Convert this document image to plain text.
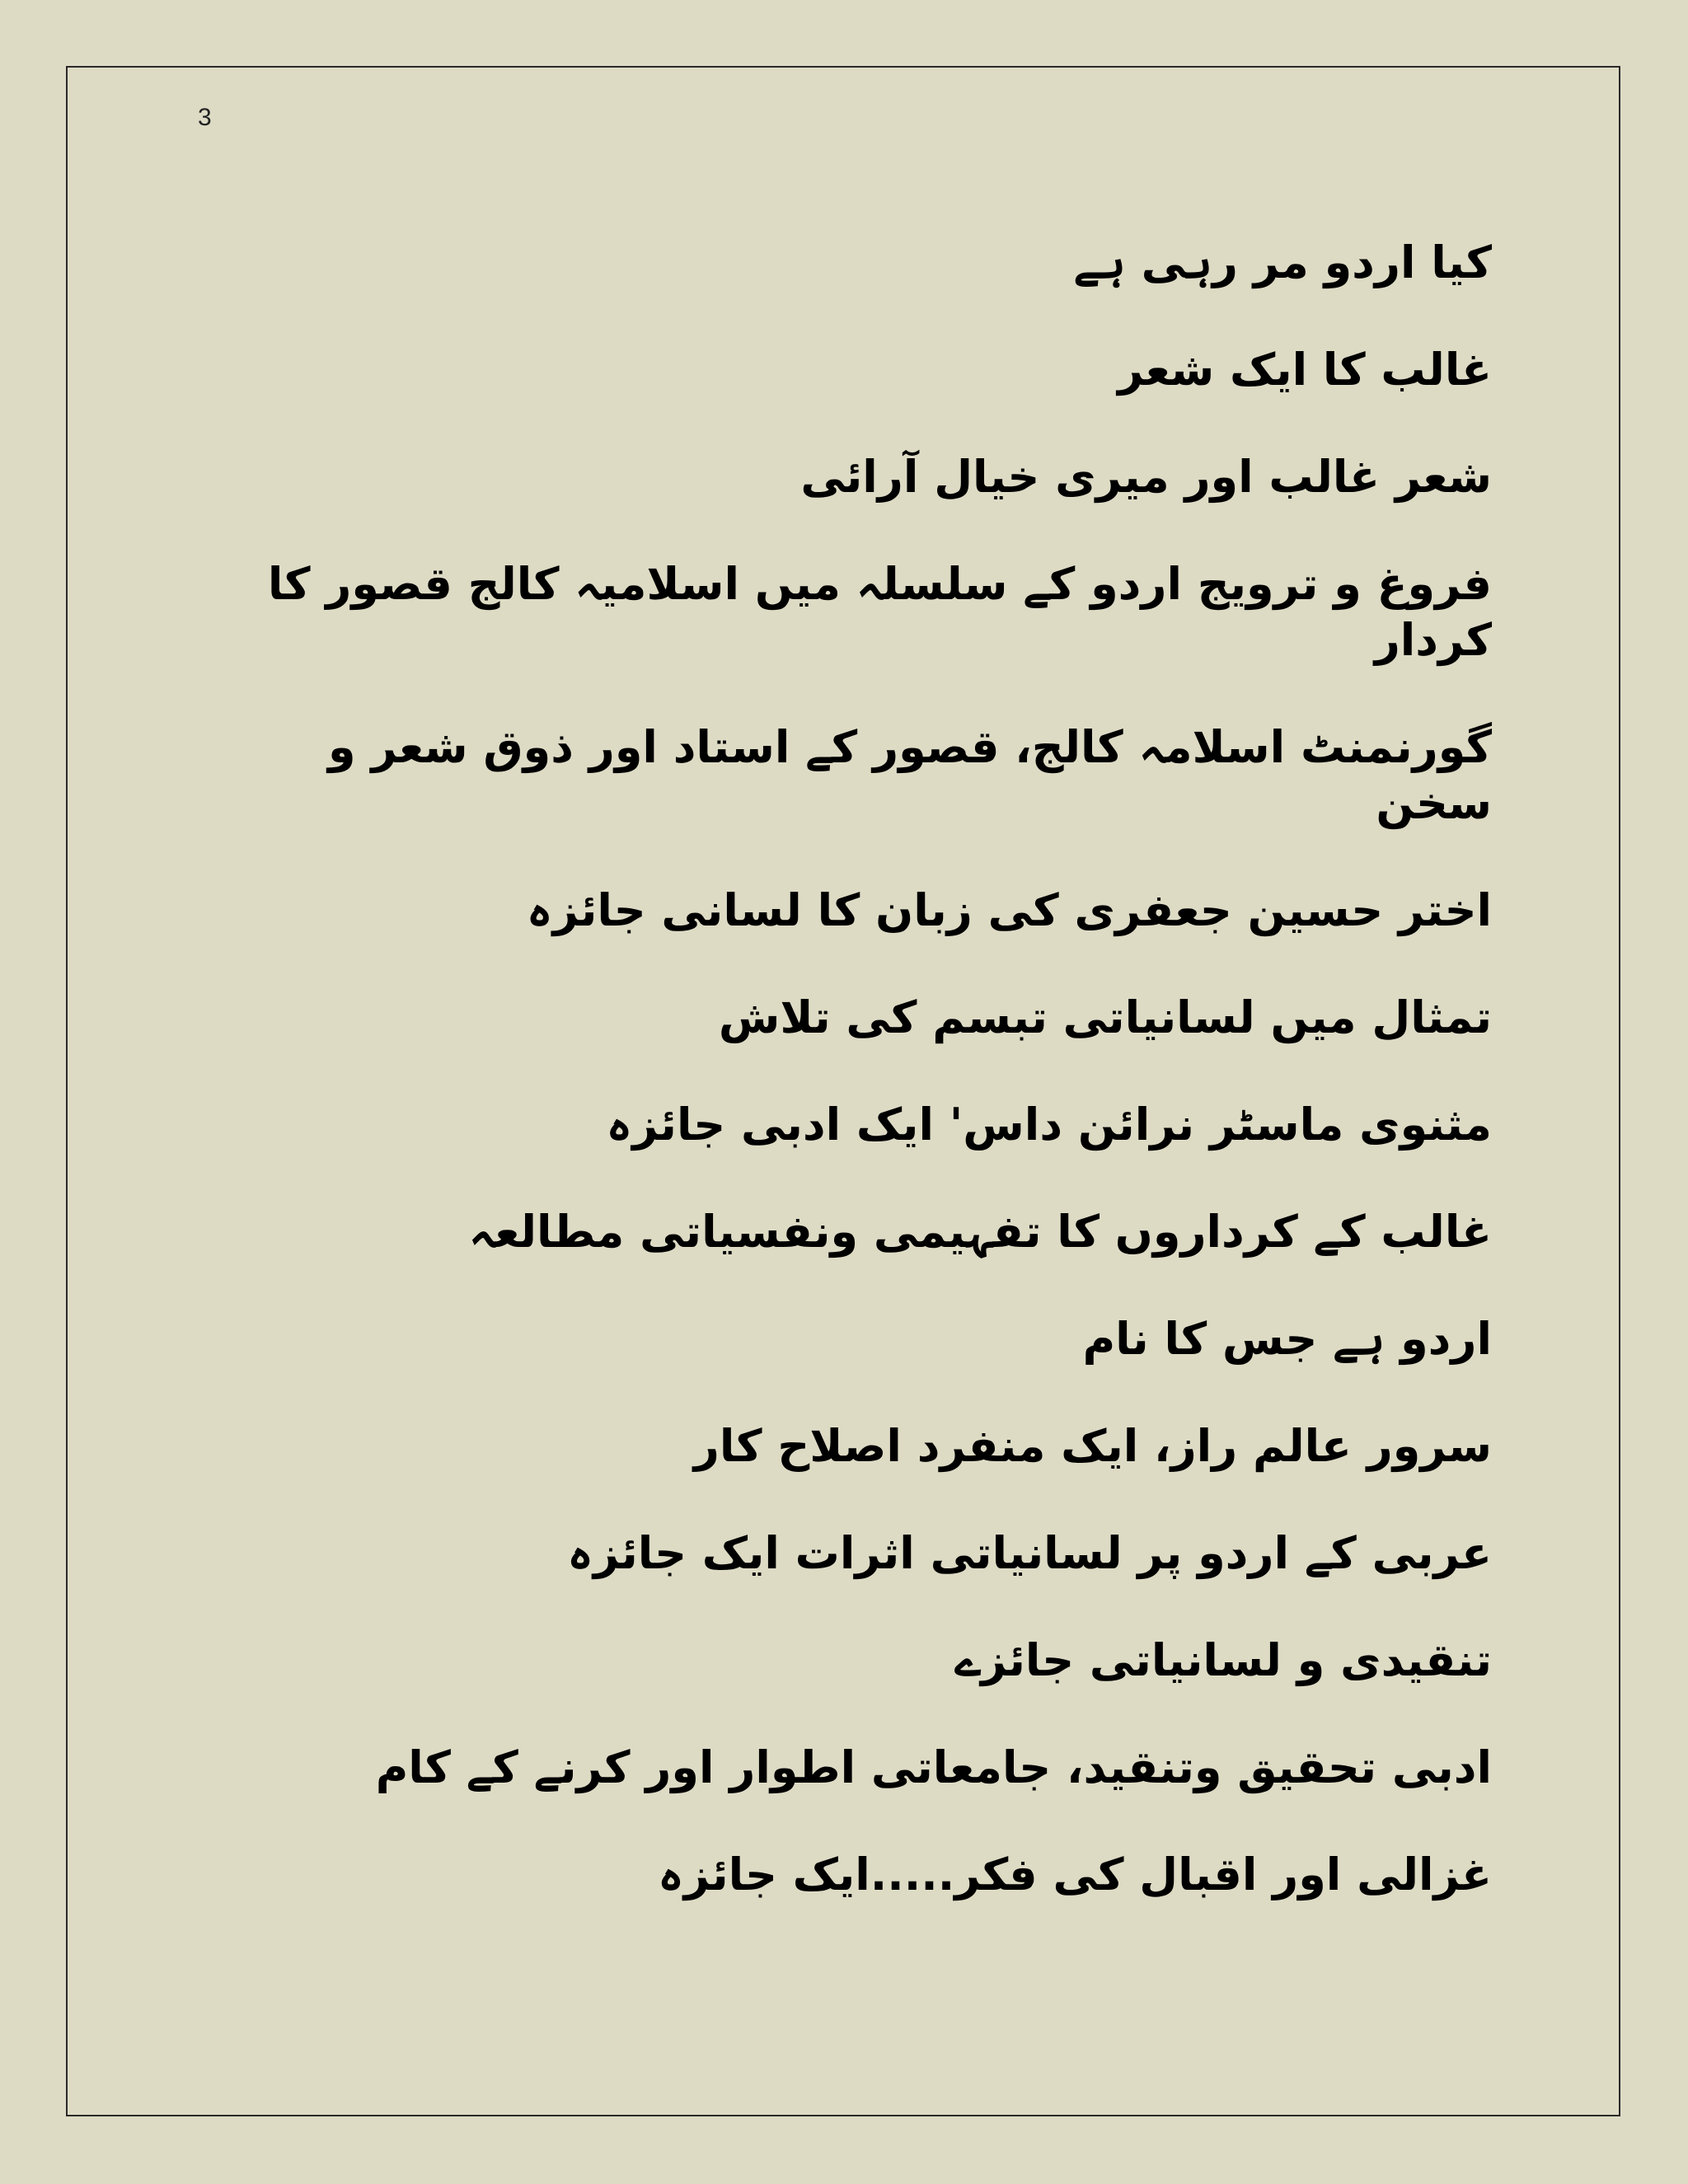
3
کیا اردو مر رہی ہے
غالب کا ایک شعر
شعر غالب اور میری خیال آرائی
فروغ و ترویج اردو کے سلسلہ میں اسلامیہ کالج قصور کا کردار
گورنمنٹ اسلامہ کالج، قصور کے استاد اور ذوق شعر و سخن
اختر حسین جعفری کی زبان کا لسانی جائزہ
تمثال میں لسانیاتی تبسم کی تلاش
مثنوی ماسٹر نرائن داس' ایک ادبی جائزہ
غالب کے کرداروں کا تفہیمی ونفسیاتی مطالعہ
اردو ہے جس کا نام
سرور عالم راز، ایک منفرد اصلاح کار
عربی کے اردو پر لسانیاتی اثرات ایک جائزہ
تنقیدی و لسانیاتی جائزے
ادبی تحقیق وتنقید، جامعاتی اطوار اور کرنے کے کام
غزالی اور اقبال کی فکر.....ایک جائزہ
